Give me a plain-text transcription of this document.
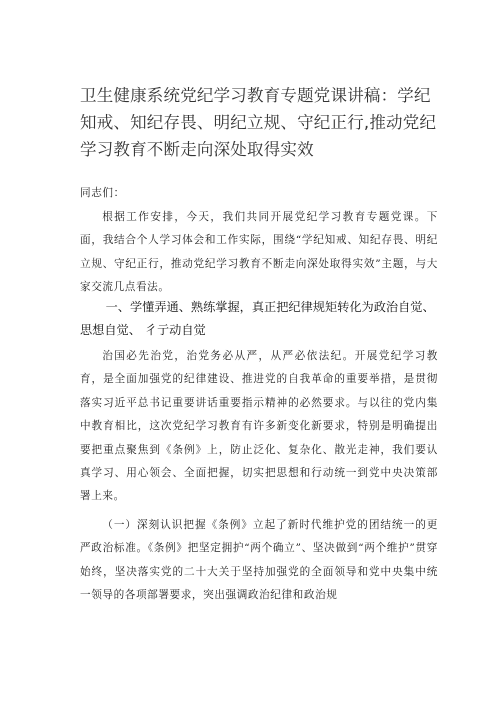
卫生健康系统党纪学习教育专题党课讲稿：学纪知戒、知纪存畏、明纪立规、守纪正行,推动党纪学习教育不断走向深处取得实效

同志们：

根据工作安排，今天，我们共同开展党纪学习教育专题党课。下面，我结合个人学习体会和工作实际，围绕“学纪知戒、知纪存畏、明纪立规、守纪正行，推动党纪学习教育不断走向深处取得实效”主题，与大家交流几点看法。

一、学懂弄通、熟练掌握，真正把纪律规矩转化为政治自觉、思想自觉、 彳亍动自觉

治国必先治党，治党务必从严，从严必依法纪。开展党纪学习教育，是全面加强党的纪律建设、推进党的自我革命的重要举措，是贯彻落实习近平总书记重要讲话重要指示精神的必然要求。与以往的党内集中教育相比，这次党纪学习教育有许多新变化新要求，特别是明确提出要把重点聚焦到《条例》上，防止泛化、复杂化、散光走神，我们要认真学习、用心领会、全面把握，切实把思想和行动统一到党中央决策部署上来。

（一）深刻认识把握《条例》立起了新时代维护党的团结统一的更严政治标准。《条例》把坚定拥护“两个确立”、坚决做到“两个维护”贯穿始终，坚决落实党的二十大关于坚持加强党的全面领导和党中央集中统一领导的各项部署要求，突出强调政治纪律和政治规
